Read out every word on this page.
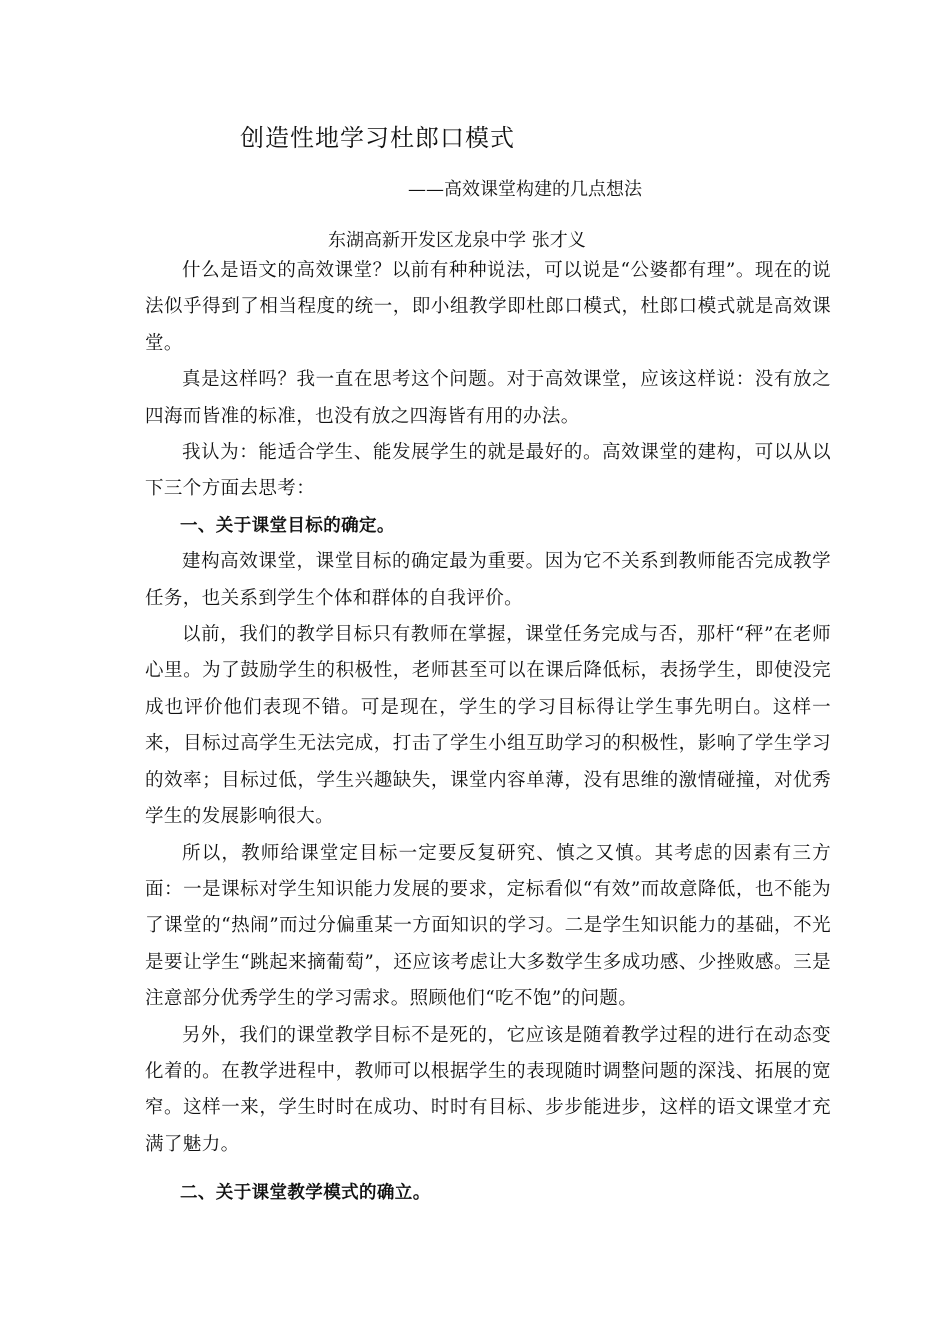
创造性地学习杜郎口模式
——高效课堂构建的几点想法
东湖高新开发区龙泉中学 张才义

什么是语文的高效课堂？以前有种种说法，可以说是“公婆都有理”。现在的说法似乎得到了相当程度的统一，即小组教学即杜郎口模式，杜郎口模式就是高效课堂。

真是这样吗？我一直在思考这个问题。对于高效课堂，应该这样说：没有放之四海而皆准的标准，也没有放之四海皆有用的办法。

我认为：能适合学生、能发展学生的就是最好的。高效课堂的建构，可以从以下三个方面去思考：

一、关于课堂目标的确定。

建构高效课堂，课堂目标的确定最为重要。因为它不关系到教师能否完成教学任务，也关系到学生个体和群体的自我评价。

以前，我们的教学目标只有教师在掌握，课堂任务完成与否，那杆“秤”在老师心里。为了鼓励学生的积极性，老师甚至可以在课后降低标，表扬学生，即使没完成也评价他们表现不错。可是现在，学生的学习目标得让学生事先明白。这样一来，目标过高学生无法完成，打击了学生小组互助学习的积极性，影响了学生学习的效率；目标过低，学生兴趣缺失，课堂内容单薄，没有思维的激情碰撞，对优秀学生的发展影响很大。

所以，教师给课堂定目标一定要反复研究、慎之又慎。其考虑的因素有三方面：一是课标对学生知识能力发展的要求，定标看似“有效”而故意降低，也不能为了课堂的“热闹”而过分偏重某一方面知识的学习。二是学生知识能力的基础，不光是要让学生“跳起来摘葡萄”，还应该考虑让大多数学生多成功感、少挫败感。三是注意部分优秀学生的学习需求。照顾他们“吃不饱”的问题。

另外，我们的课堂教学目标不是死的，它应该是随着教学过程的进行在动态变化着的。在教学进程中，教师可以根据学生的表现随时调整问题的深浅、拓展的宽窄。这样一来，学生时时在成功、时时有目标、步步能进步，这样的语文课堂才充满了魅力。

二、关于课堂教学模式的确立。
